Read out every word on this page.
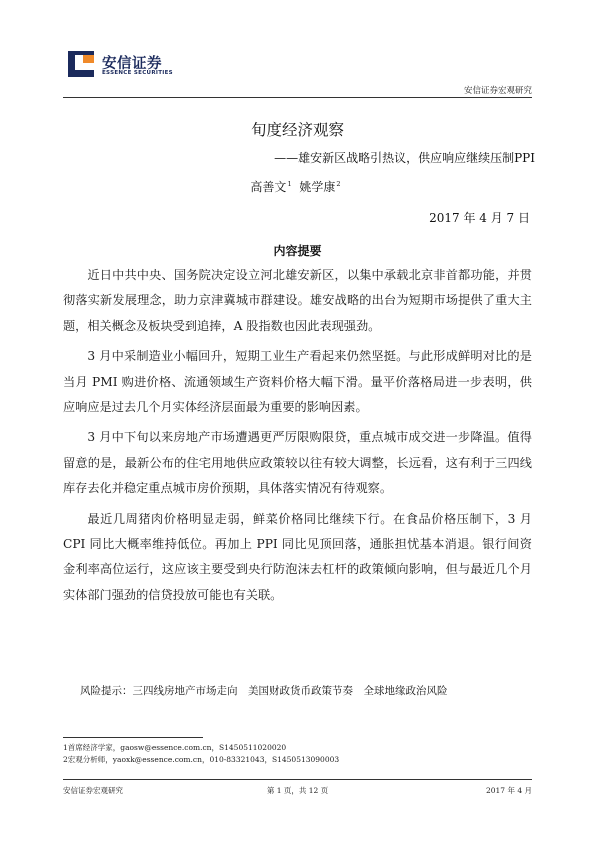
安信证券
ESSENCE SECURITIES
安信证券宏观研究
旬度经济观察
——雄安新区战略引热议，供应响应继续压制PPI
高善文$^1$ 姚学康$^2$
2017 年 4 月 7 日
内容提要

近日中共中央、国务院决定设立河北雄安新区，以集中承载北京非首都功能，并贯彻落实新发展理念，助力京津冀城市群建设。雄安战略的出台为短期市场提供了重大主题，相关概念及板块受到追捧，A 股指数也因此表现强劲。

3 月中采制造业小幅回升，短期工业生产看起来仍然坚挺。与此形成鲜明对比的是当月 PMI 购进价格、流通领域生产资料价格大幅下滑。量平价落格局进一步表明，供应响应是过去几个月实体经济层面最为重要的影响因素。

3 月中下旬以来房地产市场遭遇更严厉限购限贷，重点城市成交进一步降温。值得留意的是，最新公布的住宅用地供应政策较以往有较大调整，长远看，这有利于三四线库存去化并稳定重点城市房价预期，具体落实情况有待观察。

最近几周猪肉价格明显走弱，鲜菜价格同比继续下行。在食品价格压制下，3 月 CPI 同比大概率维持低位。再加上 PPI 同比见顶回落，通胀担忧基本消退。银行间资金利率高位运行，这应该主要受到央行防泡沫去杠杆的政策倾向影响，但与最近几个月实体部门强劲的信贷投放可能也有关联。

风险提示：三四线房地产市场走向　美国财政货币政策节奏　全球地缘政治风险
1首席经济学家，gaosw@essence.com.cn，S1450511020020
2宏观分析师，yaoxk@essence.com.cn，010-83321043，S1450513090003
安信证券宏观研究	第 1 页，共 12 页	2017 年 4 月
